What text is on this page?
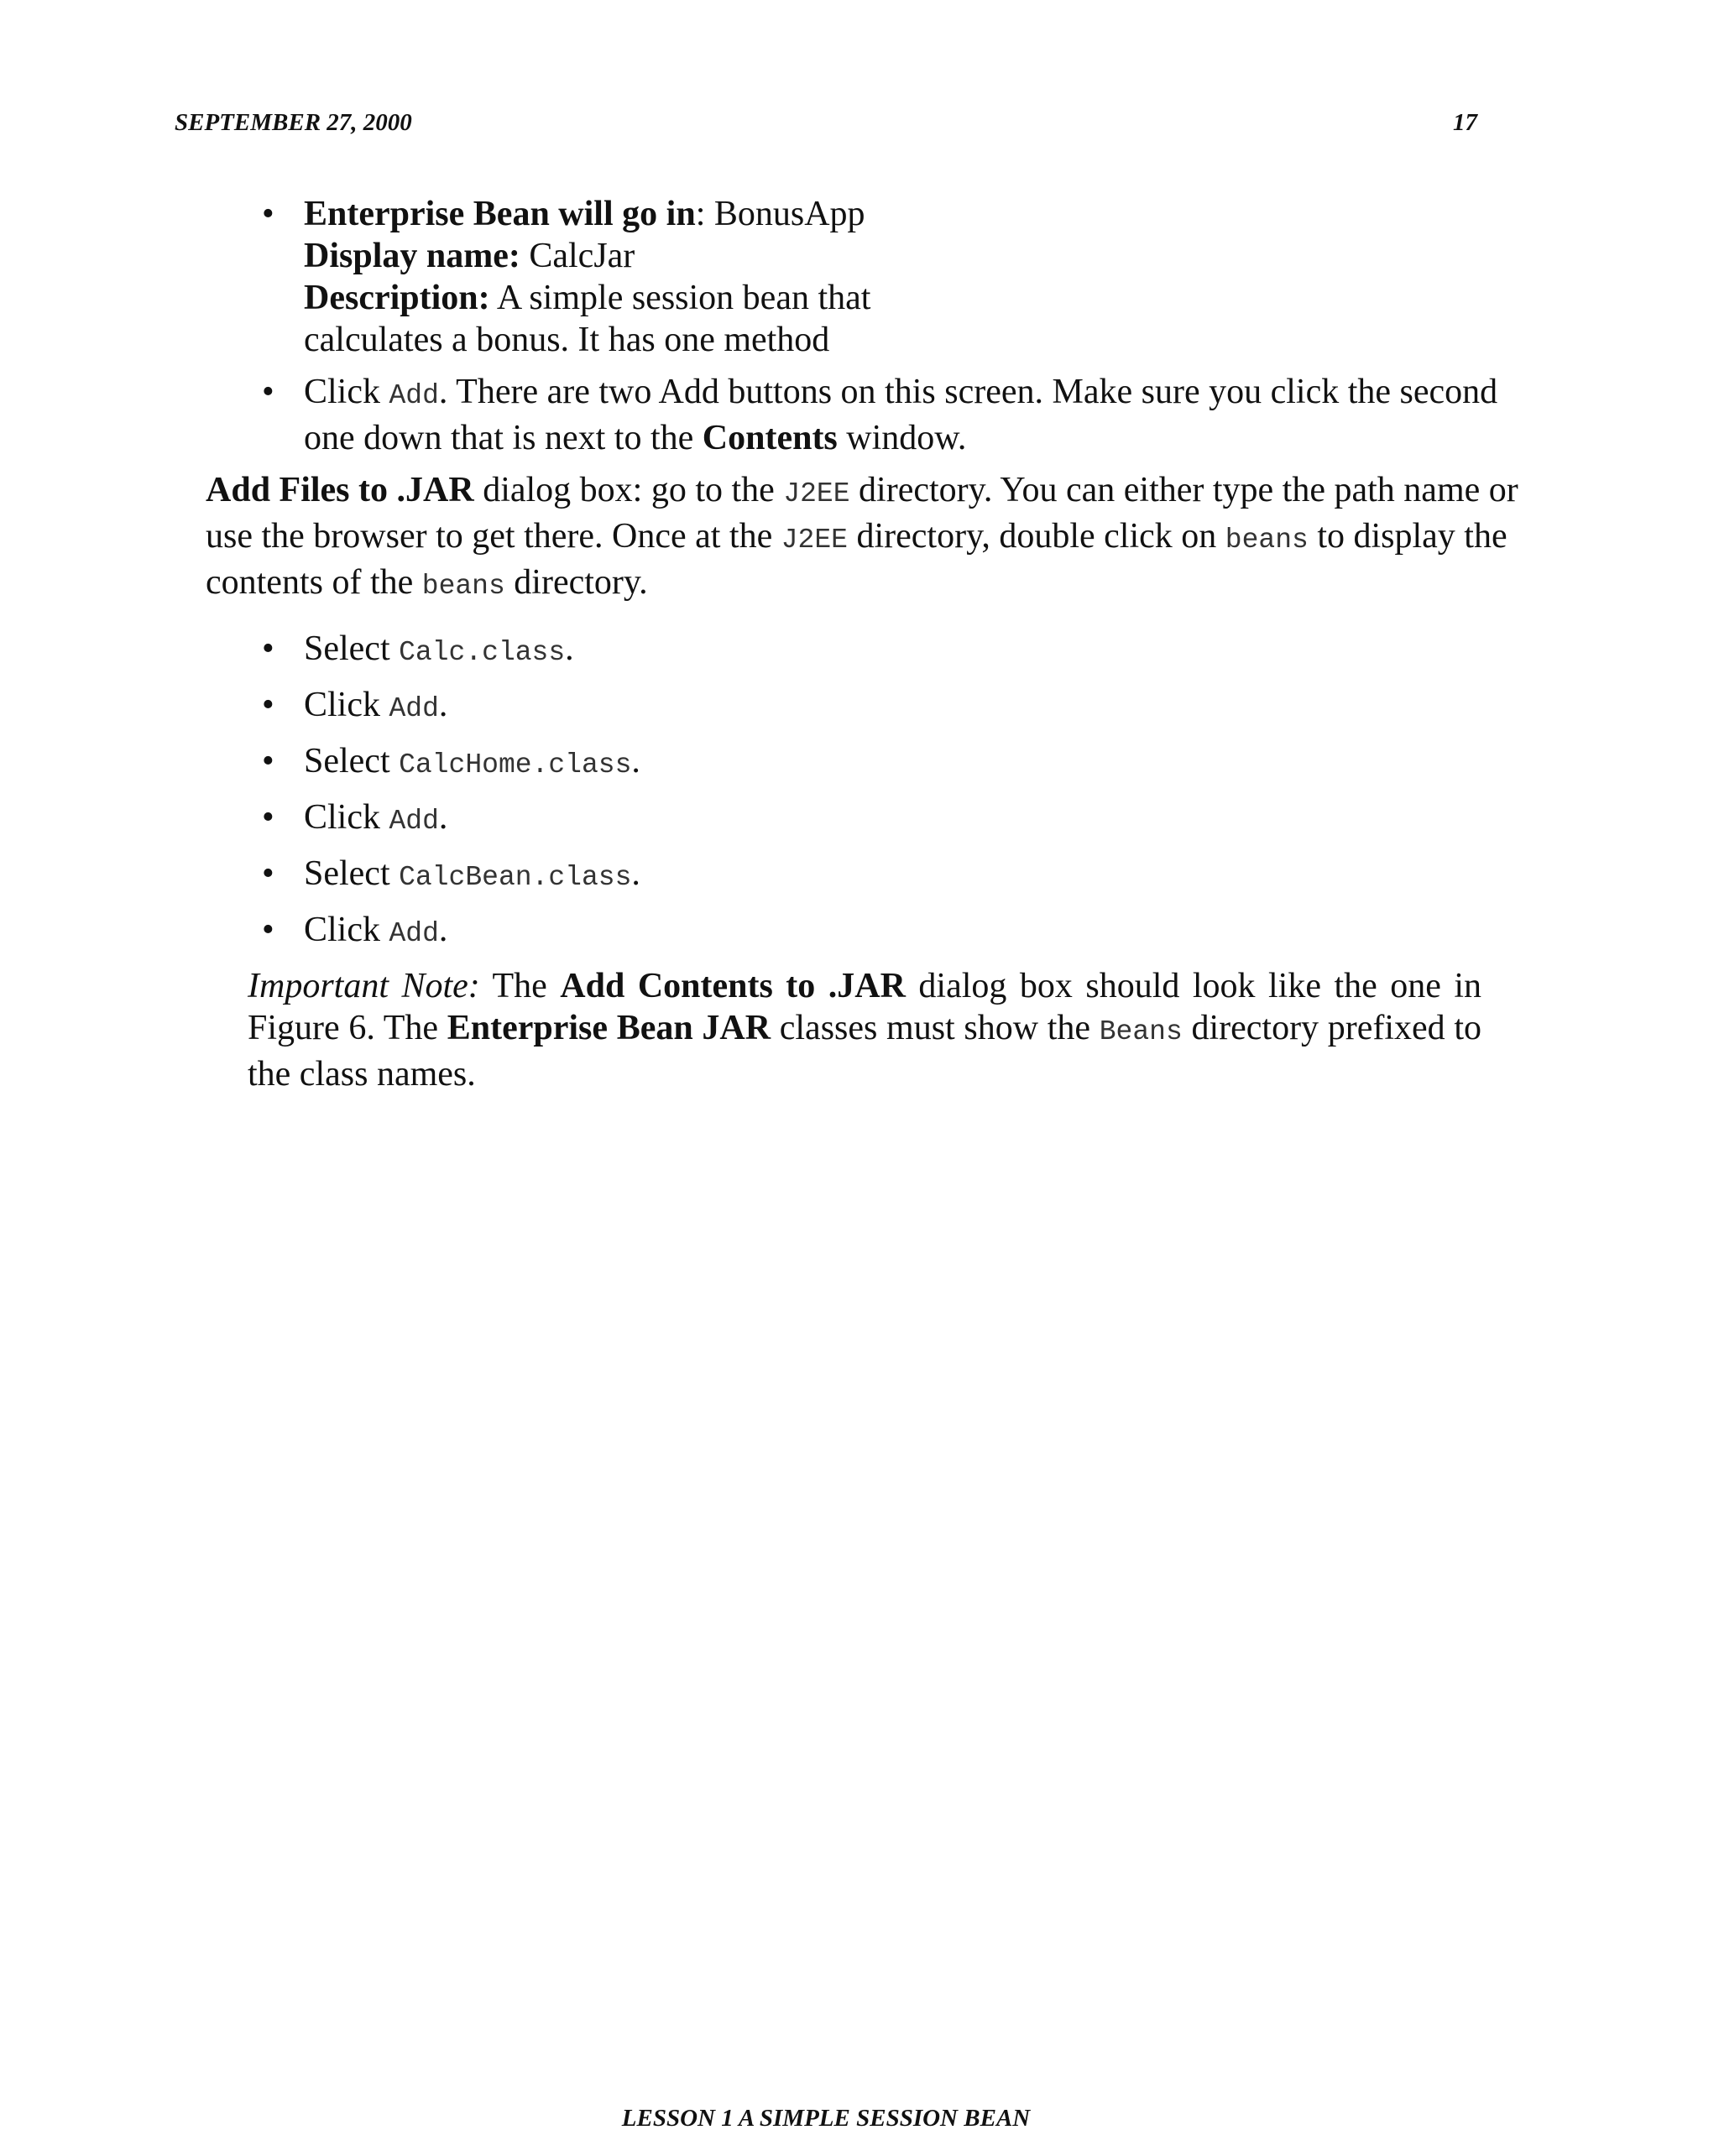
SEPTEMBER 27, 2000	17
• Enterprise Bean will go in: BonusApp
Display name: CalcJar
Description: A simple session bean that
calculates a bonus. It has one method
• Click Add. There are two Add buttons on this screen. Make sure you click the second one down that is next to the Contents window.

Add Files to .JAR dialog box: go to the J2EE directory. You can either type the path name or use the browser to get there. Once at the J2EE directory, double click on beans to display the contents of the beans directory.

• Select Calc.class.
• Click Add.
• Select CalcHome.class.
• Click Add.
• Select CalcBean.class.
• Click Add.

Important Note: The Add Contents to .JAR dialog box should look like the one in Figure 6. The Enterprise Bean JAR classes must show the Beans directory prefixed to the class names.

LESSON 1 A SIMPLE SESSION BEAN
